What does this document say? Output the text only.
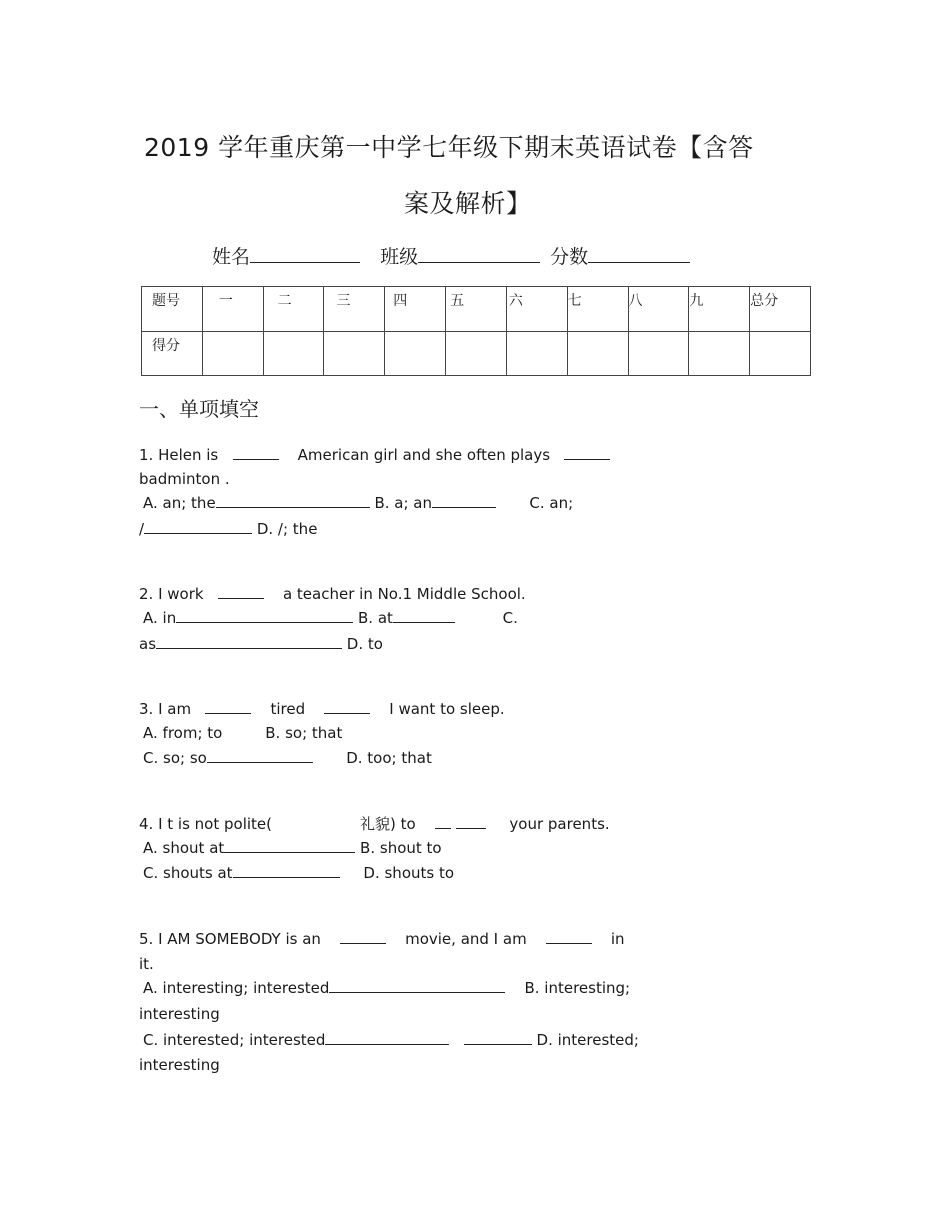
2019 学年重庆第一中学七年级下期末英语试卷【含答
案及解析】
姓名	班级	分数
题号	一	二	三	四	五	六	七	八	九	总分
得分										
一、单项填空
1. Helen is	American girl and she often plays
badminton .
A. an; the	B. a; an	C. an;
/	D. /; the
2. I work	a teacher in No.1 Middle School.
A. in	B. at	C.
as	D. to
3. I am	tired	I want to sleep.
A. from; to	B. so; that
C. so; so	D. too; that
4. I t is not polite(	礼貌) to	your parents.
A. shout at	B. shout to
C. shouts at	D. shouts to
5. I AM SOMEBODY is an	movie, and I am	in
it.
A. interesting; interested	B. interesting;
interesting
C. interested; interested	D. interested;
interesting
